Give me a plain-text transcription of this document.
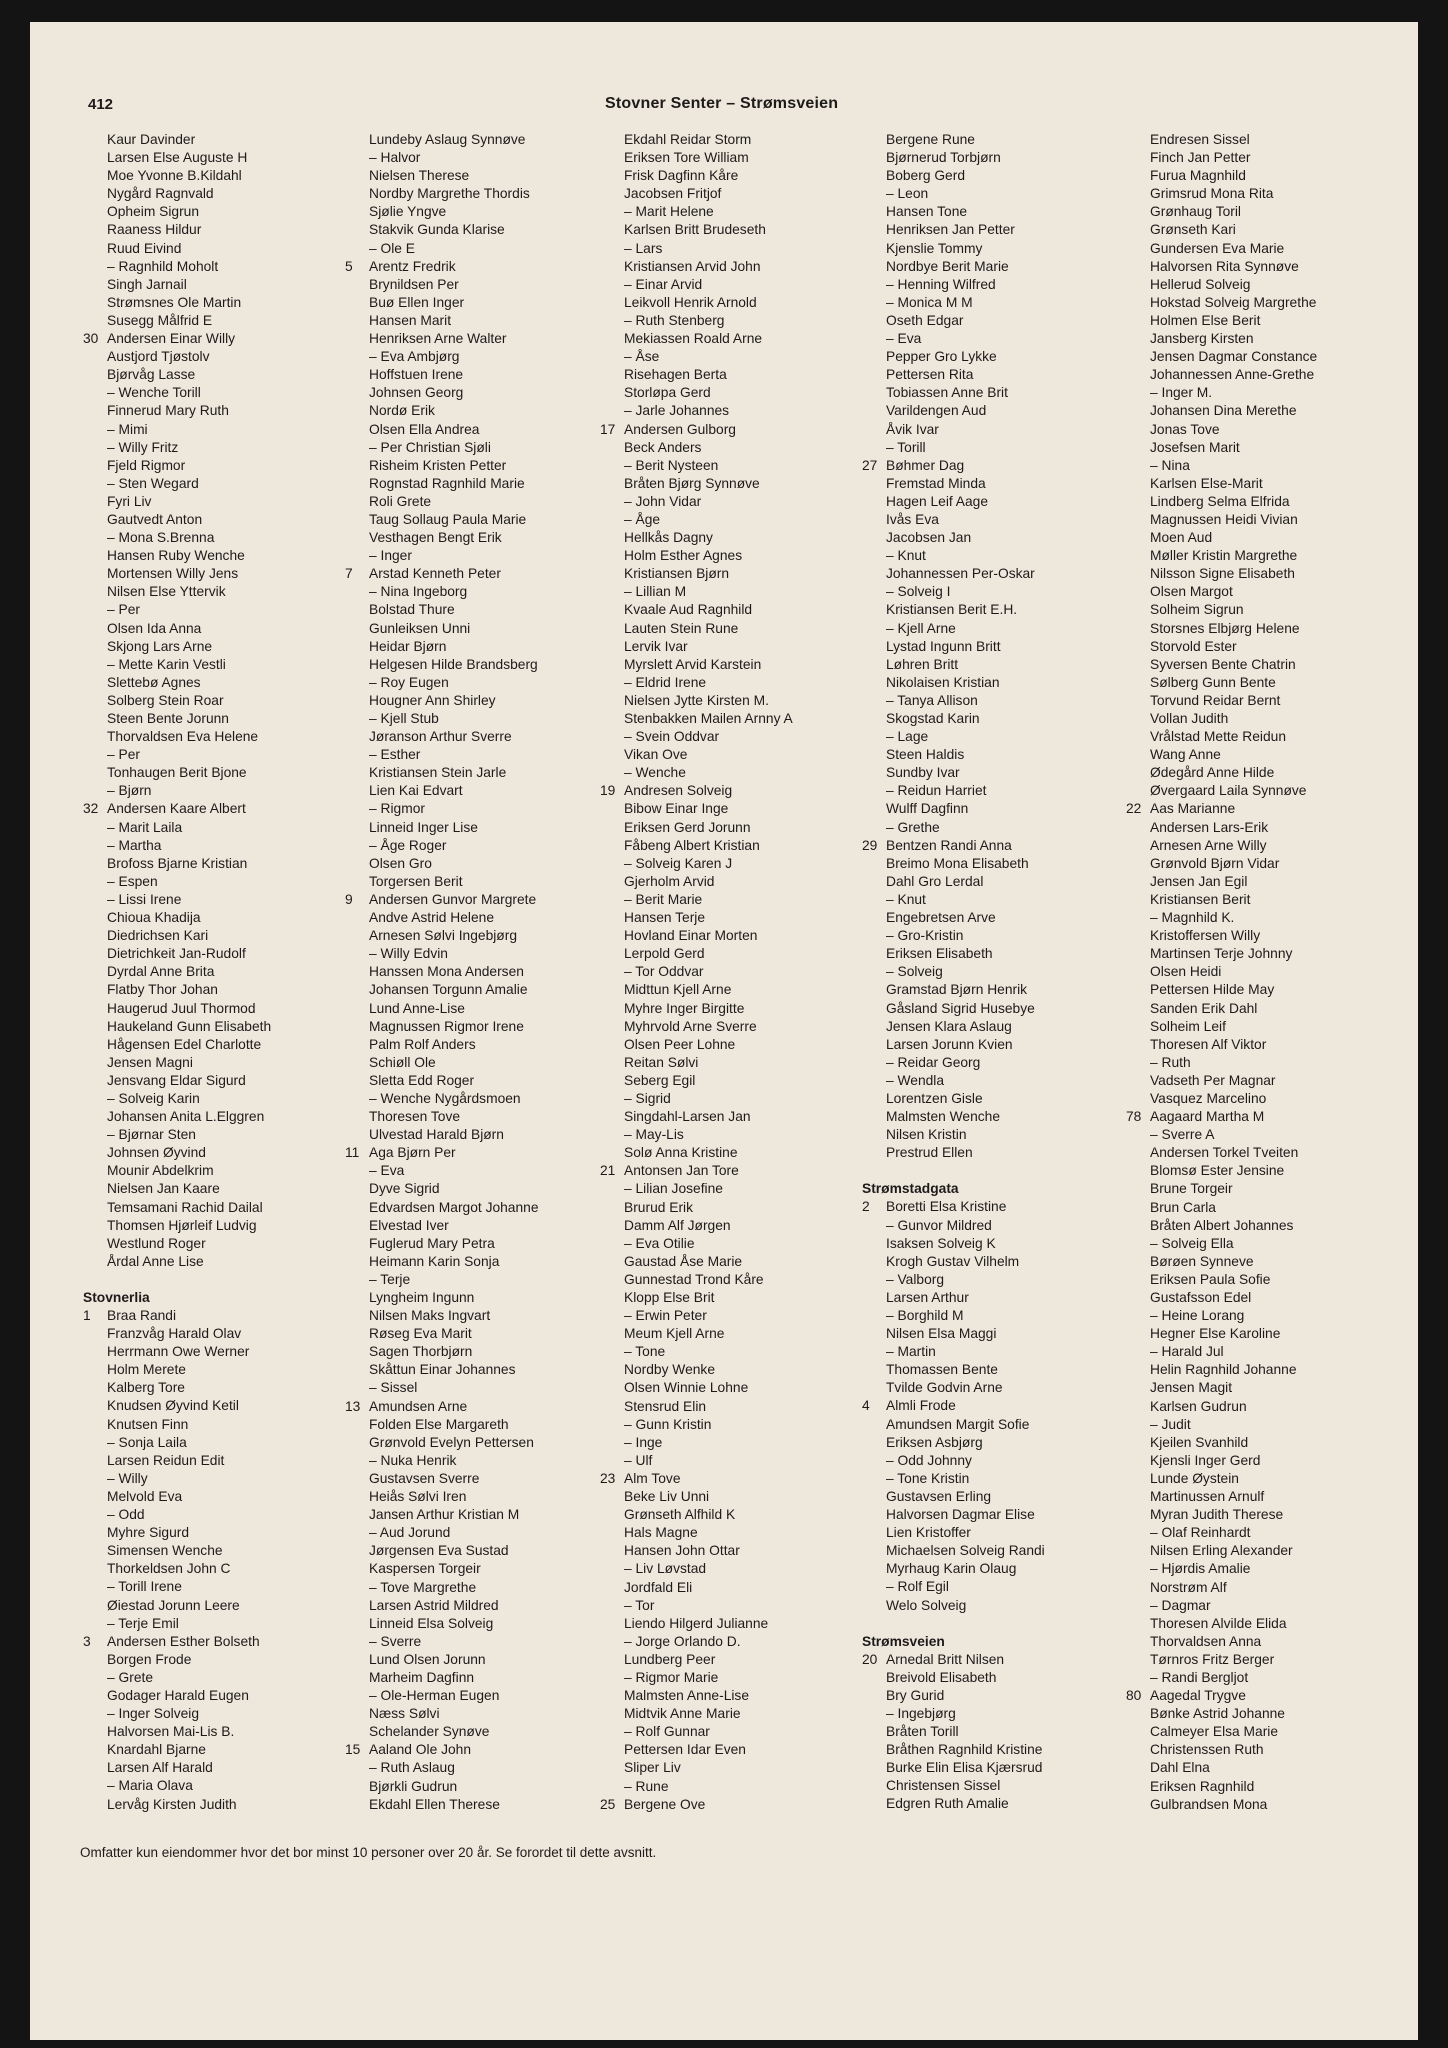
412	Stovner Senter – Strømsveien
Kaur Davinder
Larsen Else Auguste H
Moe Yvonne B.Kildahl
Nygård Ragnvald
Opheim Sigrun
Raaness Hildur
Ruud Eivind
– Ragnhild Moholt
Singh Jarnail
Strømsnes Ole Martin
Susegg Målfrid E
30 Andersen Einar Willy
Austjord Tjøstolv
Bjørvåg Lasse
– Wenche Torill
Finnerud Mary Ruth
– Mimi
– Willy Fritz
Fjeld Rigmor
– Sten Wegard
Fyri Liv
Gautvedt Anton
– Mona S.Brenna
Hansen Ruby Wenche
Mortensen Willy Jens
Nilsen Else Yttervik
– Per
Olsen Ida Anna
Skjong Lars Arne
– Mette Karin Vestli
Slettebø Agnes
Solberg Stein Roar
Steen Bente Jorunn
Thorvaldsen Eva Helene
– Per
Tonhaugen Berit Bjone
– Bjørn
32 Andersen Kaare Albert
– Marit Laila
– Martha
Brofoss Bjarne Kristian
– Espen
– Lissi Irene
Chioua Khadija
Diedrichsen Kari
Dietrichkeit Jan-Rudolf
Dyrdal Anne Brita
Flatby Thor Johan
Haugerud Juul Thormod
Haukeland Gunn Elisabeth
Hågensen Edel Charlotte
Jensen Magni
Jensvang Eldar Sigurd
– Solveig Karin
Johansen Anita L.Elggren
– Bjørnar Sten
Johnsen Øyvind
Mounir Abdelkrim
Nielsen Jan Kaare
Temsamani Rachid Dailal
Thomsen Hjørleif Ludvig
Westlund Roger
Årdal Anne Lise
Stovnerlia
1 Braa Randi
Franzvåg Harald Olav
Herrmann Owe Werner
Holm Merete
Kalberg Tore
Knudsen Øyvind Ketil
Knutsen Finn
– Sonja Laila
Larsen Reidun Edit
– Willy
Melvold Eva
– Odd
Myhre Sigurd
Simensen Wenche
Thorkeldsen John C
– Torill Irene
Øiestad Jorunn Leere
– Terje Emil
3 Andersen Esther Bolseth
Borgen Frode
– Grete
Godager Harald Eugen
– Inger Solveig
Halvorsen Mai-Lis B.
Knardahl Bjarne
Larsen Alf Harald
– Maria Olava
Lervåg Kirsten Judith
Lundeby Aslaug Synnøve
– Halvor
Nielsen Therese
Nordby Margrethe Thordis
Sjølie Yngve
Stakvik Gunda Klarise
– Ole E
5 Arentz Fredrik
Brynildsen Per
Buø Ellen Inger
Hansen Marit
Henriksen Arne Walter
– Eva Ambjørg
Hoffstuen Irene
Johnsen Georg
Nordø Erik
Olsen Ella Andrea
– Per Christian Sjøli
Risheim Kristen Petter
Rognstad Ragnhild Marie
Roli Grete
Taug Sollaug Paula Marie
Vesthagen Bengt Erik
– Inger
7 Arstad Kenneth Peter
– Nina Ingeborg
Bolstad Thure
Gunleiksen Unni
Heidar Bjørn
Helgesen Hilde Brandsberg
– Roy Eugen
Hougner Ann Shirley
– Kjell Stub
Jøranson Arthur Sverre
– Esther
Kristiansen Stein Jarle
Lien Kai Edvart
– Rigmor
Linneid Inger Lise
– Åge Roger
Olsen Gro
Torgersen Berit
9 Andersen Gunvor Margrete
Andve Astrid Helene
Arnesen Sølvi Ingebjørg
– Willy Edvin
Hanssen Mona Andersen
Johansen Torgunn Amalie
Lund Anne-Lise
Magnussen Rigmor Irene
Palm Rolf Anders
Schiøll Ole
Sletta Edd Roger
– Wenche Nygårdsmoen
Thoresen Tove
Ulvestad Harald Bjørn
11 Aga Bjørn Per
– Eva
Dyve Sigrid
Edvardsen Margot Johanne
Elvestad Iver
Fuglerud Mary Petra
Heimann Karin Sonja
– Terje
Lyngheim Ingunn
Nilsen Maks Ingvart
Røseg Eva Marit
Sagen Thorbjørn
Skåttun Einar Johannes
– Sissel
13 Amundsen Arne
Folden Else Margareth
Grønvold Evelyn Pettersen
– Nuka Henrik
Gustavsen Sverre
Heiås Sølvi Iren
Jansen Arthur Kristian M
– Aud Jorund
Jørgensen Eva Sustad
Kaspersen Torgeir
– Tove Margrethe
Larsen Astrid Mildred
Linneid Elsa Solveig
– Sverre
Lund Olsen Jorunn
Marheim Dagfinn
– Ole-Herman Eugen
Næss Sølvi
Schelander Synøve
15 Aaland Ole John
– Ruth Aslaug
Bjørkli Gudrun
Ekdahl Ellen Therese
Ekdahl Reidar Storm
Eriksen Tore William
Frisk Dagfinn Kåre
Jacobsen Fritjof
– Marit Helene
Karlsen Britt Brudeseth
– Lars
Kristiansen Arvid John
– Einar Arvid
Leikvoll Henrik Arnold
– Ruth Stenberg
Mekiassen Roald Arne
– Åse
Risehagen Berta
Storløpa Gerd
– Jarle Johannes
17 Andersen Gulborg
Beck Anders
– Berit Nysteen
Bråten Bjørg Synnøve
– John Vidar
– Åge
Hellkås Dagny
Holm Esther Agnes
Kristiansen Bjørn
– Lillian M
Kvaale Aud Ragnhild
Lauten Stein Rune
Lervik Ivar
Myrslett Arvid Karstein
– Eldrid Irene
Nielsen Jytte Kirsten M.
Stenbakken Mailen Arnny A
– Svein Oddvar
Vikan Ove
– Wenche
19 Andresen Solveig
Bibow Einar Inge
Eriksen Gerd Jorunn
Fåbeng Albert Kristian
– Solveig Karen J
Gjerholm Arvid
– Berit Marie
Hansen Terje
Hovland Einar Morten
Lerpold Gerd
– Tor Oddvar
Midttun Kjell Arne
Myhre Inger Birgitte
Myhrvold Arne Sverre
Olsen Peer Lohne
Reitan Sølvi
Seberg Egil
– Sigrid
Singdahl-Larsen Jan
– May-Lis
Solø Anna Kristine
21 Antonsen Jan Tore
– Lilian Josefine
Brurud Erik
Damm Alf Jørgen
– Eva Otilie
Gaustad Åse Marie
Gunnestad Trond Kåre
Klopp Else Brit
– Erwin Peter
Meum Kjell Arne
– Tone
Nordby Wenke
Olsen Winnie Lohne
Stensrud Elin
– Gunn Kristin
– Inge
– Ulf
23 Alm Tove
Beke Liv Unni
Grønseth Alfhild K
Hals Magne
Hansen John Ottar
– Liv Løvstad
Jordfald Eli
– Tor
Liendo Hilgerd Julianne
– Jorge Orlando D.
Lundberg Peer
– Rigmor Marie
Malmsten Anne-Lise
Midtvik Anne Marie
– Rolf Gunnar
Pettersen Idar Even
Sliper Liv
– Rune
25 Bergene Ove
Bergene Rune
Bjørnerud Torbjørn
Boberg Gerd
– Leon
Hansen Tone
Henriksen Jan Petter
Kjenslie Tommy
Nordbye Berit Marie
– Henning Wilfred
– Monica M M
Oseth Edgar
– Eva
Pepper Gro Lykke
Pettersen Rita
Tobiassen Anne Brit
Varildengen Aud
Åvik Ivar
– Torill
27 Bøhmer Dag
Fremstad Minda
Hagen Leif Aage
Ivås Eva
Jacobsen Jan
– Knut
Johannessen Per-Oskar
– Solveig I
Kristiansen Berit E.H.
– Kjell Arne
Lystad Ingunn Britt
Løhren Britt
Nikolaisen Kristian
– Tanya Allison
Skogstad Karin
– Lage
Steen Haldis
Sundby Ivar
– Reidun Harriet
Wulff Dagfinn
– Grethe
29 Bentzen Randi Anna
Breimo Mona Elisabeth
Dahl Gro Lerdal
– Knut
Engebretsen Arve
– Gro-Kristin
Eriksen Elisabeth
– Solveig
Gramstad Bjørn Henrik
Gåsland Sigrid Husebye
Jensen Klara Aslaug
Larsen Jorunn Kvien
– Reidar Georg
– Wendla
Lorentzen Gisle
Malmsten Wenche
Nilsen Kristin
Prestrud Ellen
Strømstadgata
2 Boretti Elsa Kristine
– Gunvor Mildred
Isaksen Solveig K
Krogh Gustav Vilhelm
– Valborg
Larsen Arthur
– Borghild M
Nilsen Elsa Maggi
– Martin
Thomassen Bente
Tvilde Godvin Arne
4 Almli Frode
Amundsen Margit Sofie
Eriksen Asbjørg
– Odd Johnny
– Tone Kristin
Gustavsen Erling
Halvorsen Dagmar Elise
Lien Kristoffer
Michaelsen Solveig Randi
Myrhaug Karin Olaug
– Rolf Egil
Welo Solveig
Strømsveien
20 Arnedal Britt Nilsen
Breivold Elisabeth
Bry Gurid
– Ingebjørg
Bråten Torill
Bråthen Ragnhild Kristine
Burke Elin Elisa Kjærsrud
Christensen Sissel
Edgren Ruth Amalie
Endresen Sissel
Finch Jan Petter
Furua Magnhild
Grimsrud Mona Rita
Grønhaug Toril
Grønseth Kari
Gundersen Eva Marie
Halvorsen Rita Synnøve
Hellerud Solveig
Hokstad Solveig Margrethe
Holmen Else Berit
Jansberg Kirsten
Jensen Dagmar Constance
Johannessen Anne-Grethe
– Inger M.
Johansen Dina Merethe
Jonas Tove
Josefsen Marit
– Nina
Karlsen Else-Marit
Lindberg Selma Elfrida
Magnussen Heidi Vivian
Moen Aud
Møller Kristin Margrethe
Nilsson Signe Elisabeth
Olsen Margot
Solheim Sigrun
Storsnes Elbjørg Helene
Storvold Ester
Syversen Bente Chatrin
Sølberg Gunn Bente
Torvund Reidar Bernt
Vollan Judith
Vrålstad Mette Reidun
Wang Anne
Ødegård Anne Hilde
Øvergaard Laila Synnøve
22 Aas Marianne
Andersen Lars-Erik
Arnesen Arne Willy
Grønvold Bjørn Vidar
Jensen Jan Egil
Kristiansen Berit
– Magnhild K.
Kristoffersen Willy
Martinsen Terje Johnny
Olsen Heidi
Pettersen Hilde May
Sanden Erik Dahl
Solheim Leif
Thoresen Alf Viktor
– Ruth
Vadseth Per Magnar
Vasquez Marcelino
78 Aagaard Martha M
– Sverre A
Andersen Torkel Tveiten
Blomsø Ester Jensine
Brune Torgeir
Brun Carla
Bråten Albert Johannes
– Solveig Ella
Børøen Synneve
Eriksen Paula Sofie
Gustafsson Edel
– Heine Lorang
Hegner Else Karoline
– Harald Jul
Helin Ragnhild Johanne
Jensen Magit
Karlsen Gudrun
– Judit
Kjeilen Svanhild
Kjensli Inger Gerd
Lunde Øystein
Martinussen Arnulf
Myran Judith Therese
– Olaf Reinhardt
Nilsen Erling Alexander
– Hjørdis Amalie
Norstrøm Alf
– Dagmar
Thoresen Alvilde Elida
Thorvaldsen Anna
Tørnros Fritz Berger
– Randi Bergljot
80 Aagedal Trygve
Bønke Astrid Johanne
Calmeyer Elsa Marie
Christenssen Ruth
Dahl Elna
Eriksen Ragnhild
Gulbrandsen Mona
Omfatter kun eiendommer hvor det bor minst 10 personer over 20 år. Se forordet til dette avsnitt.
